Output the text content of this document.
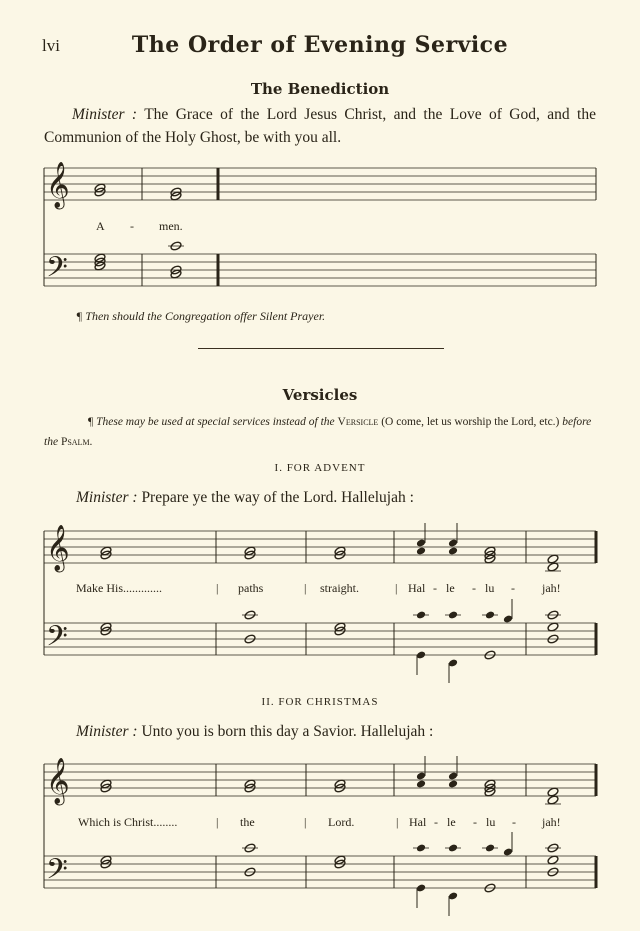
lvi	The Order of Evening Service
The Benediction
Minister : The Grace of the Lord Jesus Christ, and the Love of God, and the Communion of the Holy Ghost, be with you all.
A - men.
¶ Then should the Congregation offer Silent Prayer.
Versicles
¶ These may be used at special services instead of the Versicle (O come, let us worship the Lord, etc.) before the Psalm.
I. FOR ADVENT
Minister : Prepare ye the way of the Lord. Hallelujah :
Make His.............	| paths	| straight.	| Hal - le - lu - jah!
II. FOR CHRISTMAS
Minister : Unto you is born this day a Savior. Hallelujah :
Which is Christ........	| the	| Lord.	| Hal - le - lu - jah!
𝄞
𝄢
𝄞
𝄢
𝄞
𝄢
